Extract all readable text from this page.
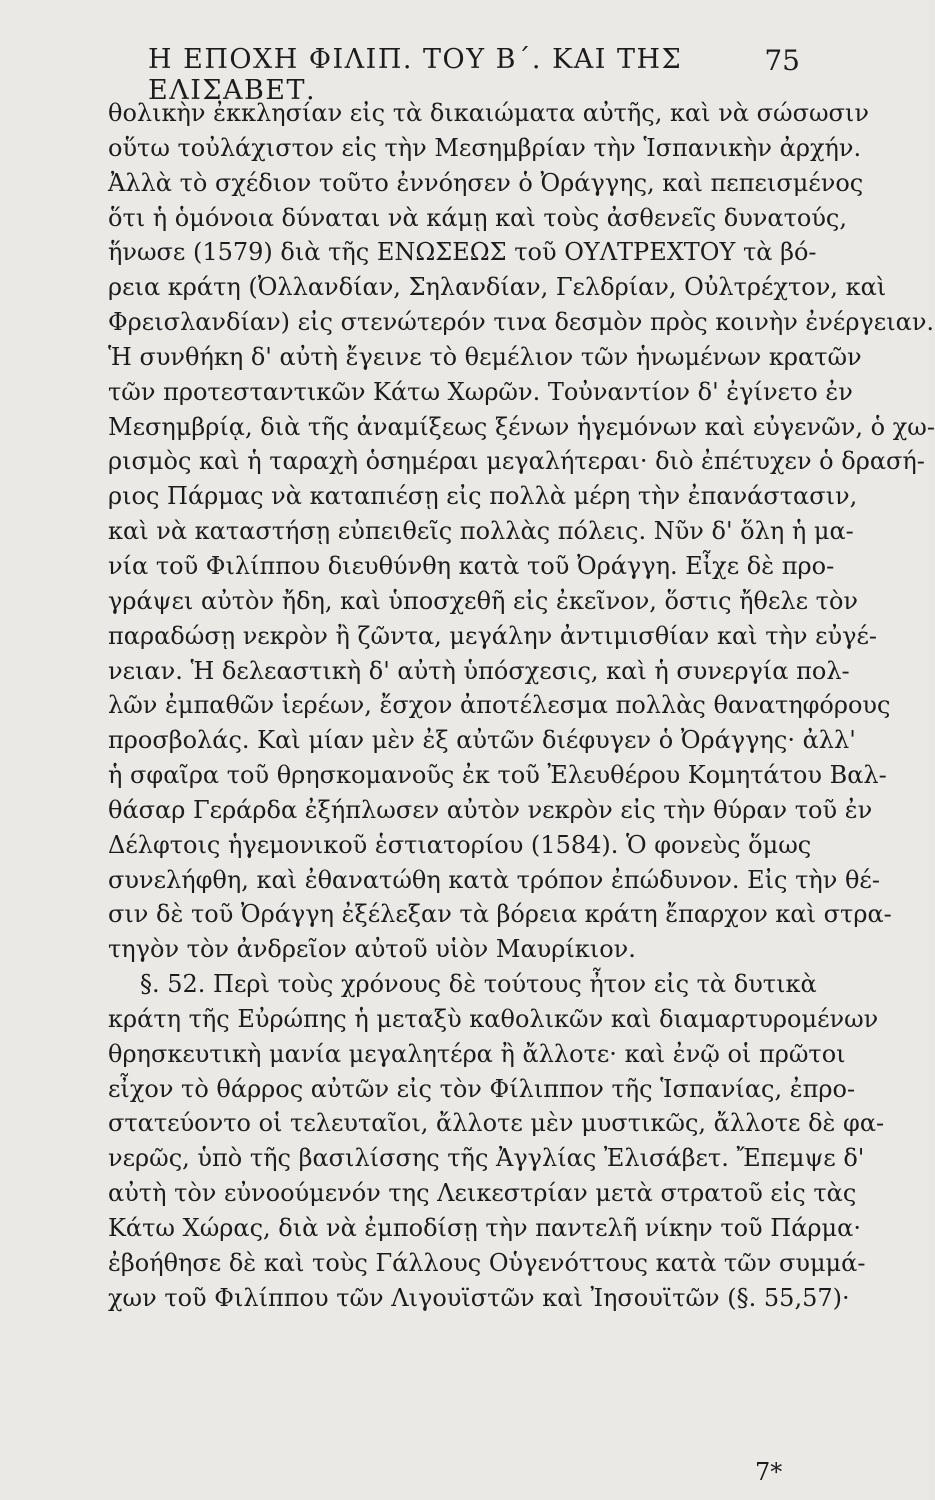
Η ΕΠΟΧΗ ΦΙΛΙΠ. ΤΟΥ Β΄. ΚΑΙ ΤΗΣ ΕΛΙΣΑΒΕΤ.
75
θολικὴν ἐκκλησίαν εἰς τὰ δικαιώματα αὐτῆς, καὶ νὰ σώσωσιν
οὕτω τοὐλάχιστον εἰς τὴν Μεσημβρίαν τὴν Ἱσπανικὴν ἀρχήν.
Ἀλλὰ τὸ σχέδιον τοῦτο ἐννόησεν ὁ Ὀράγγης, καὶ πεπεισμένος
ὅτι ἡ ὁμόνοια δύναται νὰ κάμῃ καὶ τοὺς ἀσθενεῖς δυνατούς,
ἥνωσε (1579) διὰ τῆς ΕΝΩΣΕΩΣ τοῦ ΟΥΛΤΡΕΧΤΟΥ τὰ βό-
ρεια κράτη (Ὀλλανδίαν, Σηλανδίαν, Γελδρίαν, Οὐλτρέχτον, καὶ
Φρεισλανδίαν) εἰς στενώτερόν τινα δεσμὸν πρὸς κοινὴν ἐνέργειαν.
Ἡ συνθήκη δ' αὐτὴ ἔγεινε τὸ θεμέλιον τῶν ἡνωμένων κρατῶν
τῶν προτεσταντικῶν Κάτω Χωρῶν. Τοὐναντίον δ' ἐγίνετο ἐν
Μεσημβρίᾳ, διὰ τῆς ἀναμίξεως ξένων ἡγεμόνων καὶ εὐγενῶν, ὁ χω-
ρισμὸς καὶ ἡ ταραχὴ ὁσημέραι μεγαλήτεραι· διὸ ἐπέτυχεν ὁ δρασή-
ριος Πάρμας νὰ καταπιέσῃ εἰς πολλὰ μέρη τὴν ἐπανάστασιν,
καὶ νὰ καταστήσῃ εὐπειθεῖς πολλὰς πόλεις. Νῦν δ' ὅλη ἡ μα-
νία τοῦ Φιλίππου διευθύνθη κατὰ τοῦ Ὀράγγη. Εἶχε δὲ προ-
γράψει αὐτὸν ἤδη, καὶ ὑποσχεθῆ εἰς ἐκεῖνον, ὅστις ἤθελε τὸν
παραδώσῃ νεκρὸν ἢ ζῶντα, μεγάλην ἀντιμισθίαν καὶ τὴν εὐγέ-
νειαν. Ἡ δελεαστικὴ δ' αὐτὴ ὑπόσχεσις, καὶ ἡ συνεργία πολ-
λῶν ἐμπαθῶν ἱερέων, ἔσχον ἀποτέλεσμα πολλὰς θανατηφόρους
προσβολάς. Καὶ μίαν μὲν ἐξ αὐτῶν διέφυγεν ὁ Ὀράγγης· ἀλλ'
ἡ σφαῖρα τοῦ θρησκομανοῦς ἐκ τοῦ Ἐλευθέρου Κομητάτου Βαλ-
θάσαρ Γεράρδα ἐξήπλωσεν αὐτὸν νεκρὸν εἰς τὴν θύραν τοῦ ἐν
Δέλφτοις ἡγεμονικοῦ ἑστιατορίου (1584). Ὁ φονεὺς ὅμως
συνελήφθη, καὶ ἐθανατώθη κατὰ τρόπον ἐπώδυνον. Εἰς τὴν θέ-
σιν δὲ τοῦ Ὀράγγη ἐξέλεξαν τὰ βόρεια κράτη ἔπαρχον καὶ στρα-
τηγὸν τὸν ἀνδρεῖον αὐτοῦ υἱὸν Μαυρίκιον.
§. 52. Περὶ τοὺς χρόνους δὲ τούτους ἦτον εἰς τὰ δυτικὰ
κράτη τῆς Εὐρώπης ἡ μεταξὺ καθολικῶν καὶ διαμαρτυρομένων
θρησκευτικὴ μανία μεγαλητέρα ἢ ἄλλοτε· καὶ ἐνῷ οἱ πρῶτοι
εἶχον τὸ θάρρος αὐτῶν εἰς τὸν Φίλιππον τῆς Ἱσπανίας, ἐπρο-
στατεύοντο οἱ τελευταῖοι, ἄλλοτε μὲν μυστικῶς, ἄλλοτε δὲ φα-
νερῶς, ὑπὸ τῆς βασιλίσσης τῆς Ἀγγλίας Ἐλισάβετ. Ἔπεμψε δ'
αὐτὴ τὸν εὐνοούμενόν της Λεικεστρίαν μετὰ στρατοῦ εἰς τὰς
Κάτω Χώρας, διὰ νὰ ἐμποδίσῃ τὴν παντελῆ νίκην τοῦ Πάρμα·
ἐβοήθησε δὲ καὶ τοὺς Γάλλους Οὑγενόττους κατὰ τῶν συμμά-
χων τοῦ Φιλίππου τῶν Λιγουϊστῶν καὶ Ἰησουϊτῶν (§. 55,57)·
7*
